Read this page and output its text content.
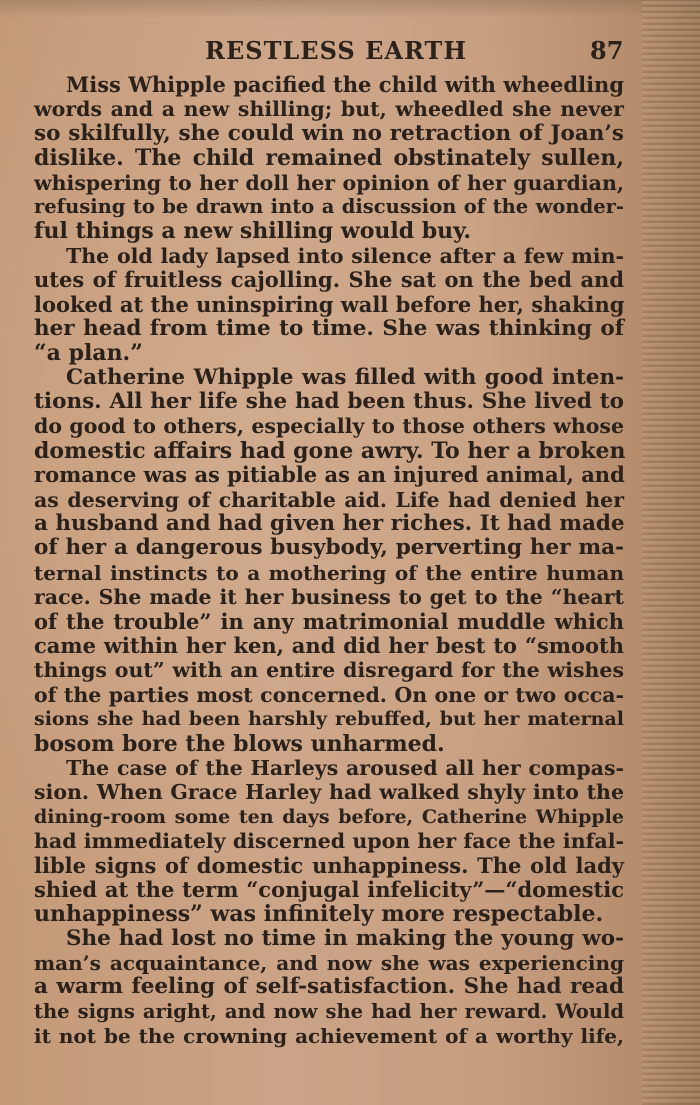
RESTLESS EARTH	87
Miss Whipple pacified the child with wheedling
words and a new shilling; but, wheedled she never
so skilfully, she could win no retraction of Joan’s
dislike. The child remained obstinately sullen,
whispering to her doll her opinion of her guardian,
refusing to be drawn into a discussion of the wonder-
ful things a new shilling would buy.
The old lady lapsed into silence after a few min-
utes of fruitless cajolling. She sat on the bed and
looked at the uninspiring wall before her, shaking
her head from time to time. She was thinking of
“a plan.”
Catherine Whipple was filled with good inten-
tions. All her life she had been thus. She lived to
do good to others, especially to those others whose
domestic affairs had gone awry. To her a broken
romance was as pitiable as an injured animal, and
as deserving of charitable aid. Life had denied her
a husband and had given her riches. It had made
of her a dangerous busybody, perverting her ma-
ternal instincts to a mothering of the entire human
race. She made it her business to get to the “heart
of the trouble” in any matrimonial muddle which
came within her ken, and did her best to “smooth
things out” with an entire disregard for the wishes
of the parties most concerned. On one or two occa-
sions she had been harshly rebuffed, but her maternal
bosom bore the blows unharmed.
The case of the Harleys aroused all her compas-
sion. When Grace Harley had walked shyly into the
dining-room some ten days before, Catherine Whipple
had immediately discerned upon her face the infal-
lible signs of domestic unhappiness. The old lady
shied at the term “conjugal infelicity”—“domestic
unhappiness” was infinitely more respectable.
She had lost no time in making the young wo-
man’s acquaintance, and now she was experiencing
a warm feeling of self-satisfaction. She had read
the signs aright, and now she had her reward. Would
it not be the crowning achievement of a worthy life,
